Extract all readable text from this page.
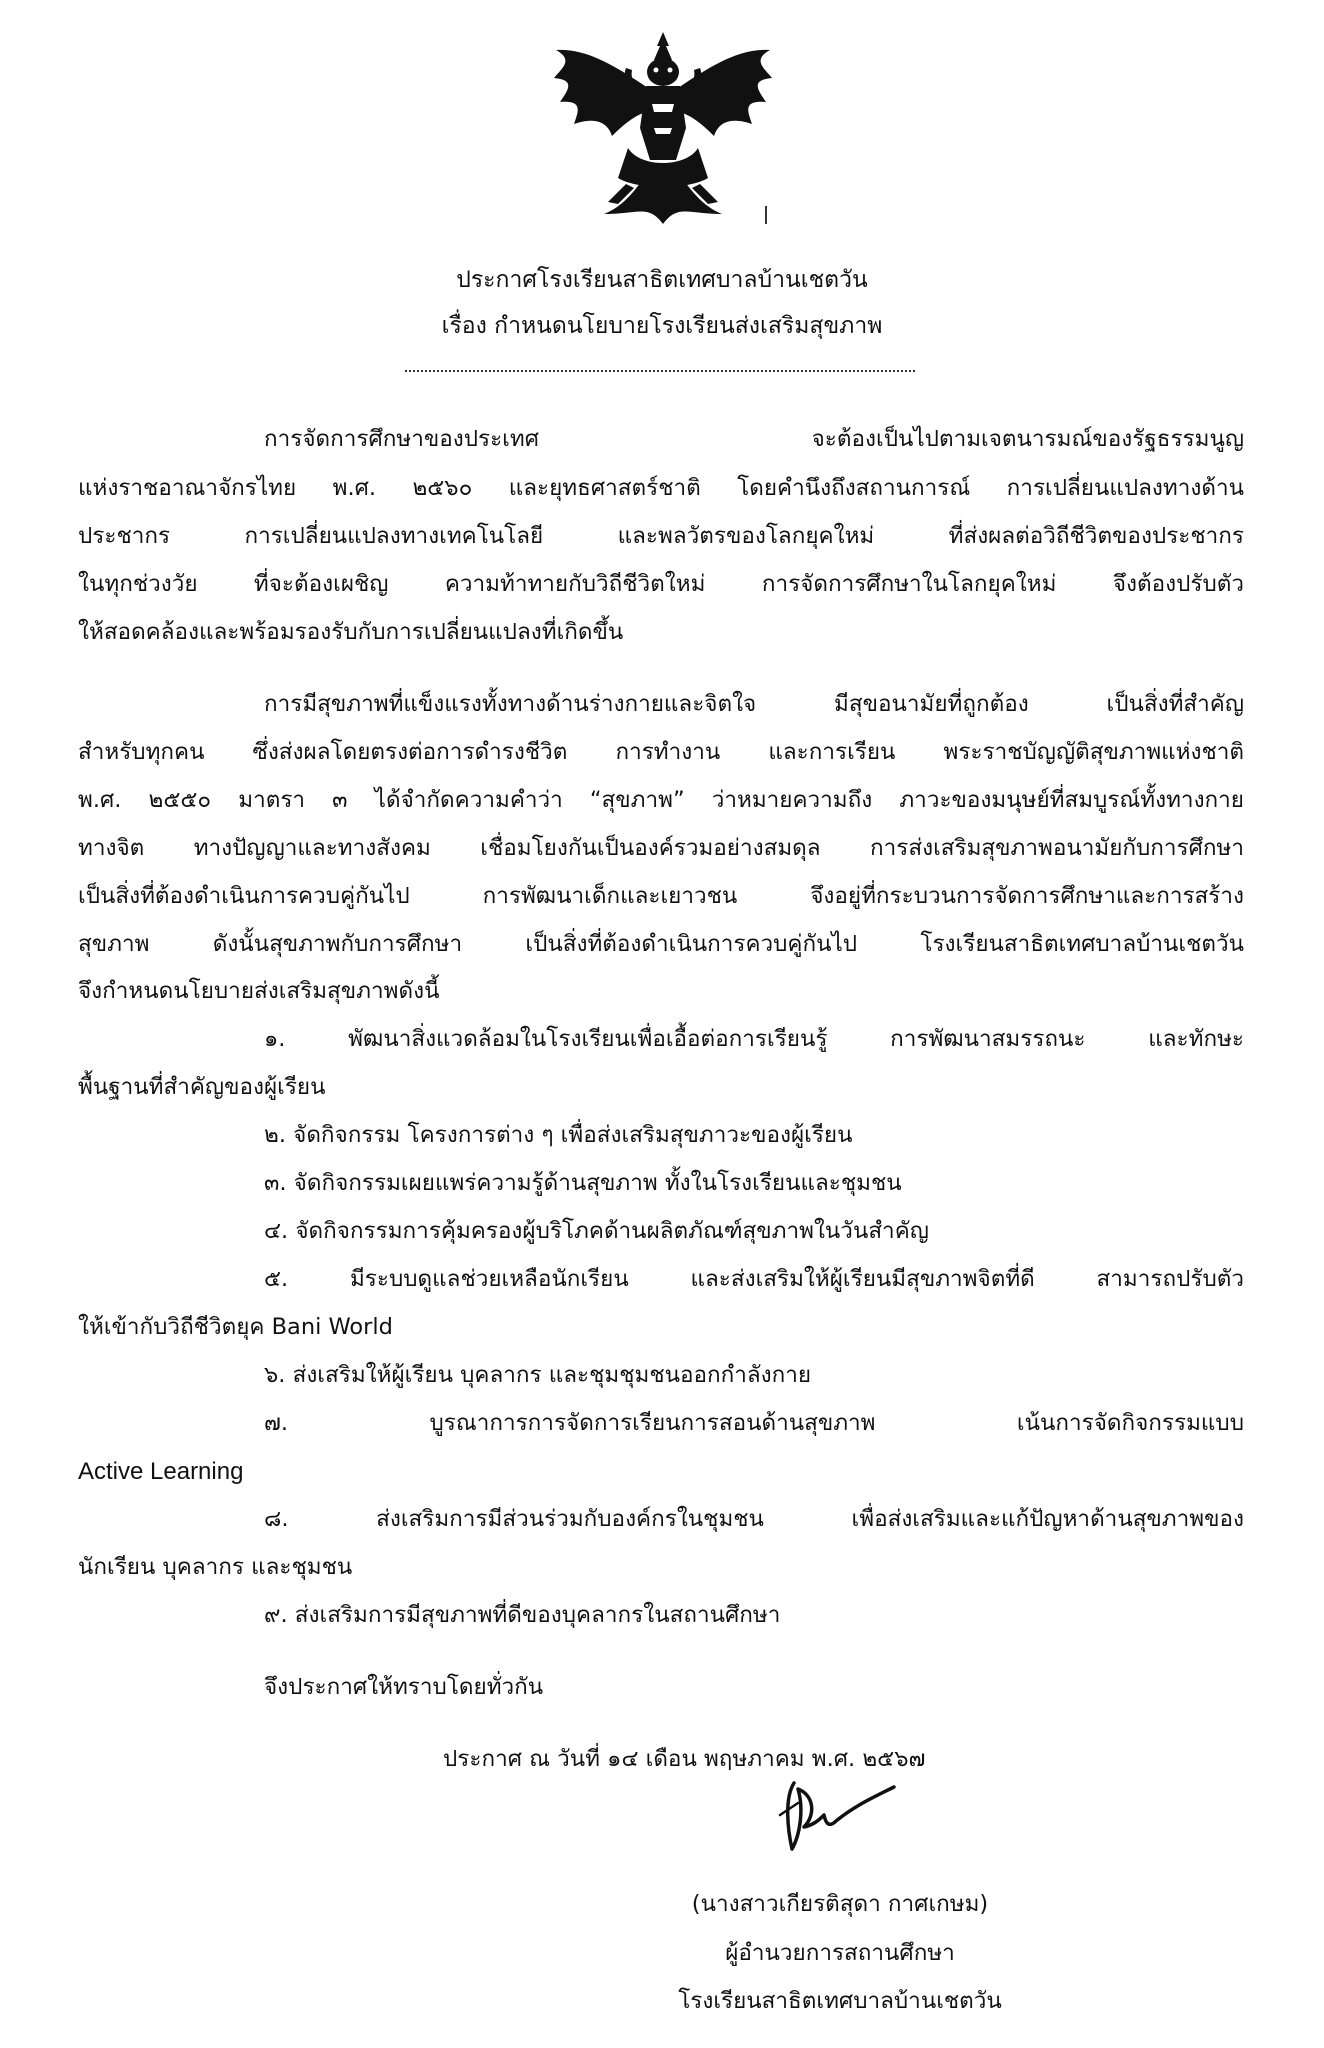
ประกาศโรงเรียนสาธิตเทศบาลบ้านเชตวัน
เรื่อง กำหนดนโยบายโรงเรียนส่งเสริมสุขภาพ
การจัดการศึกษาของประเทศ จะต้องเป็นไปตามเจตนารมณ์ของรัฐธรรมนูญ
แห่งราชอาณาจักรไทย พ.ศ. ๒๕๖๐ และยุทธศาสตร์ชาติ โดยคำนึงถึงสถานการณ์ การเปลี่ยนแปลงทางด้าน
ประชากร การเปลี่ยนแปลงทางเทคโนโลยี และพลวัตรของโลกยุคใหม่ ที่ส่งผลต่อวิถีชีวิตของประชากร
ในทุกช่วงวัย ที่จะต้องเผชิญ ความท้าทายกับวิถีชีวิตใหม่ การจัดการศึกษาในโลกยุคใหม่ จึงต้องปรับตัว
ให้สอดคล้องและพร้อมรองรับกับการเปลี่ยนแปลงที่เกิดขึ้น
การมีสุขภาพที่แข็งแรงทั้งทางด้านร่างกายและจิตใจ มีสุขอนามัยที่ถูกต้อง เป็นสิ่งที่สำคัญ
สำหรับทุกคน ซึ่งส่งผลโดยตรงต่อการดำรงชีวิต การทำงาน และการเรียน พระราชบัญญัติสุขภาพแห่งชาติ
พ.ศ. ๒๕๕๐ มาตรา ๓ ได้จำกัดความคำว่า “สุขภาพ” ว่าหมายความถึง ภาวะของมนุษย์ที่สมบูรณ์ทั้งทางกาย
ทางจิต ทางปัญญาและทางสังคม เชื่อมโยงกันเป็นองค์รวมอย่างสมดุล การส่งเสริมสุขภาพอนามัยกับการศึกษา
เป็นสิ่งที่ต้องดำเนินการควบคู่กันไป การพัฒนาเด็กและเยาวชน จึงอยู่ที่กระบวนการจัดการศึกษาและการสร้าง
สุขภาพ ดังนั้นสุขภาพกับการศึกษา เป็นสิ่งที่ต้องดำเนินการควบคู่กันไป โรงเรียนสาธิตเทศบาลบ้านเชตวัน
จึงกำหนดนโยบายส่งเสริมสุขภาพดังนี้
๑. พัฒนาสิ่งแวดล้อมในโรงเรียนเพื่อเอื้อต่อการเรียนรู้ การพัฒนาสมรรถนะ และทักษะ
พื้นฐานที่สำคัญของผู้เรียน
๒. จัดกิจกรรม โครงการต่าง ๆ เพื่อส่งเสริมสุขภาวะของผู้เรียน
๓. จัดกิจกรรมเผยแพร่ความรู้ด้านสุขภาพ ทั้งในโรงเรียนและชุมชน
๔. จัดกิจกรรมการคุ้มครองผู้บริโภคด้านผลิตภัณฑ์สุขภาพในวันสำคัญ
๕. มีระบบดูแลช่วยเหลือนักเรียน และส่งเสริมให้ผู้เรียนมีสุขภาพจิตที่ดี สามารถปรับตัว
ให้เข้ากับวิถีชีวิตยุค Bani World
๖. ส่งเสริมให้ผู้เรียน บุคลากร และชุมชุมชนออกกำลังกาย
๗. บูรณาการการจัดการเรียนการสอนด้านสุขภาพ เน้นการจัดกิจกรรมแบบ
Active Learning
๘. ส่งเสริมการมีส่วนร่วมกับองค์กรในชุมชน เพื่อส่งเสริมและแก้ปัญหาด้านสุขภาพของ
นักเรียน บุคลากร และชุมชน
๙. ส่งเสริมการมีสุขภาพที่ดีของบุคลากรในสถานศึกษา
จึงประกาศให้ทราบโดยทั่วกัน
ประกาศ ณ วันที่ ๑๔ เดือน พฤษภาคม พ.ศ. ๒๕๖๗
(นางสาวเกียรติสุดา กาศเกษม)
ผู้อำนวยการสถานศึกษา
โรงเรียนสาธิตเทศบาลบ้านเชตวัน
